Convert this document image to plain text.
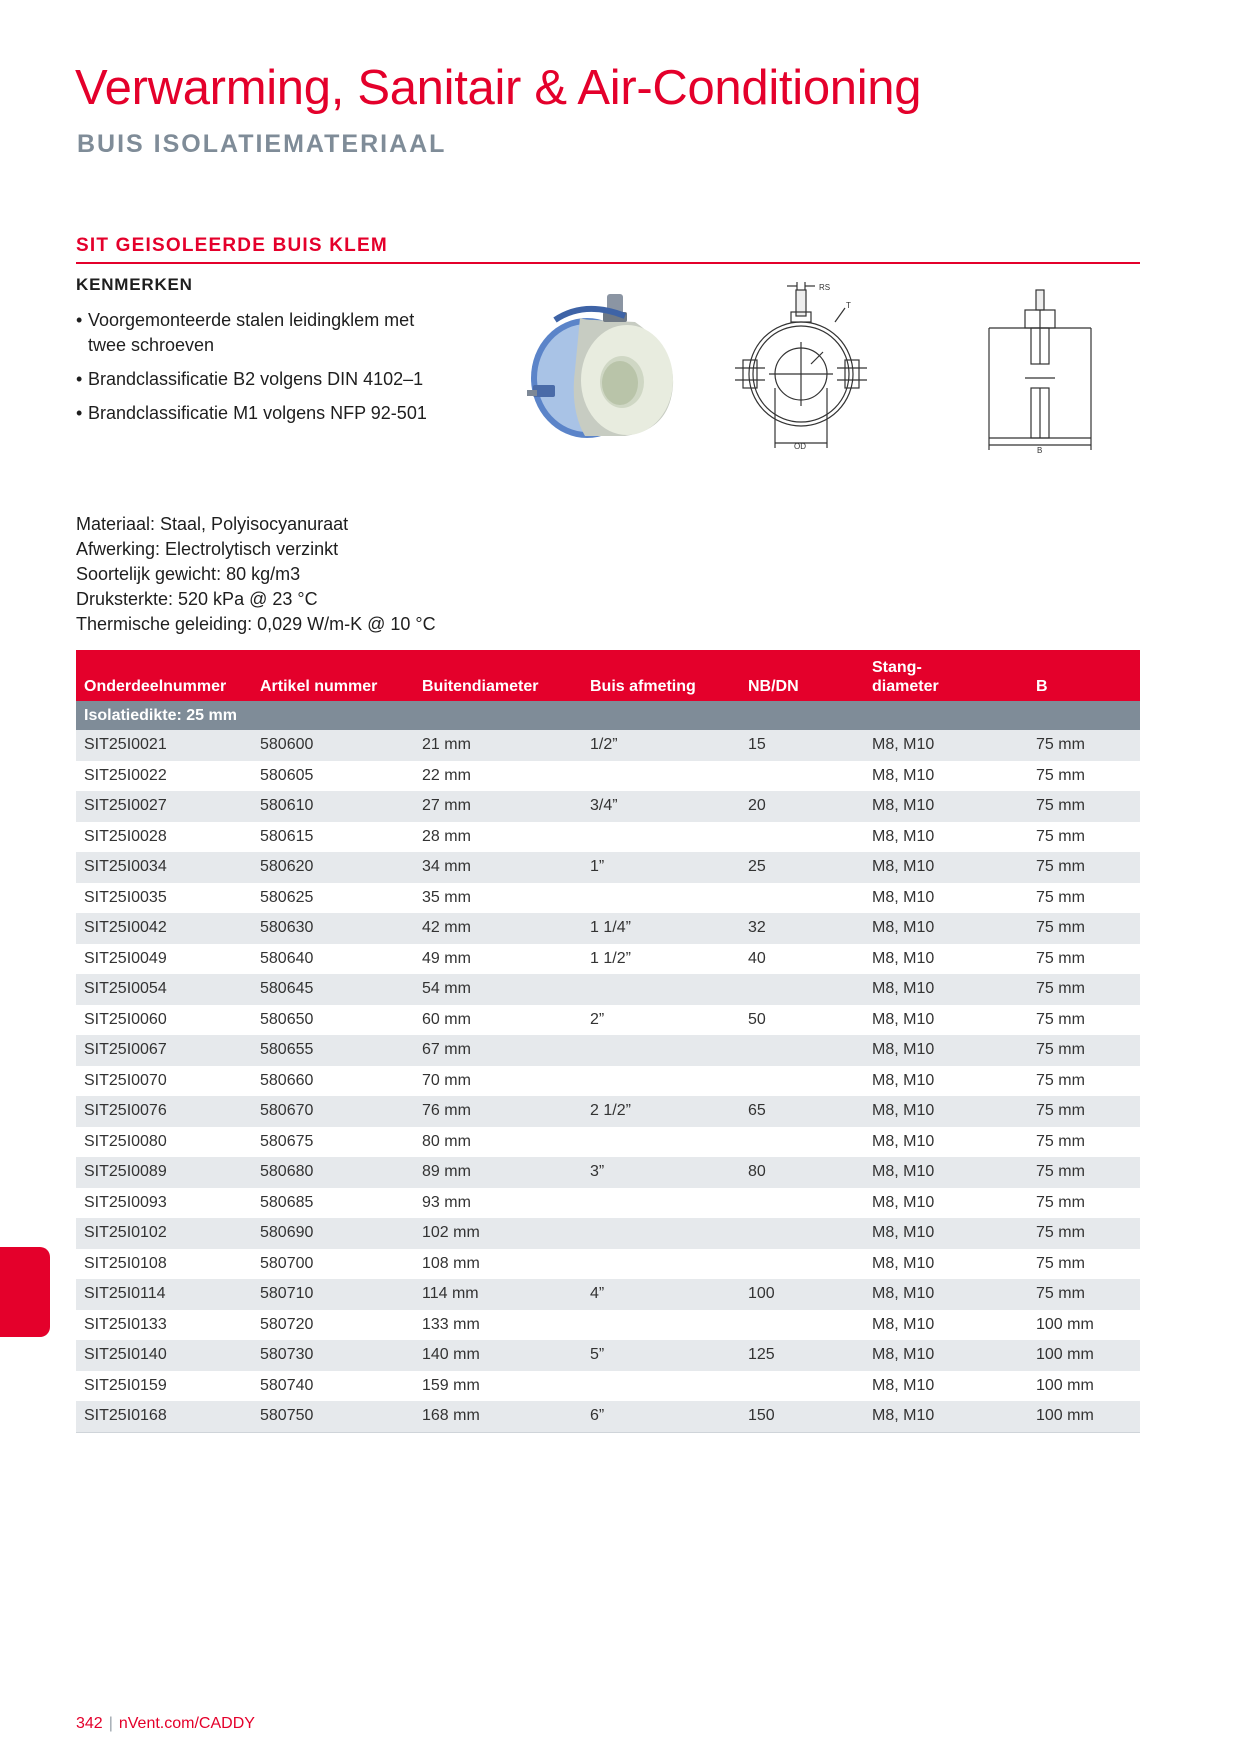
Verwarming, Sanitair & Air-Conditioning
BUIS ISOLATIEMATERIAAL
SIT GEISOLEERDE BUIS KLEM
KENMERKEN
• Voorgemonteerde stalen leidingklem met twee schroeven
• Brandclassificatie B2 volgens DIN 4102–1
• Brandclassificatie M1 volgens NFP 92-501
RS
T
OD	B

Materiaal: Staal, Polyisocyanuraat

Afwerking: Electrolytisch verzinkt

Soortelijk gewicht: 80 kg/m3

Druksterkte: 520 kPa @ 23 °C

Thermische geleiding: 0,029 W/m-K @ 10 °C

Onderdeelnummer	Artikel nummer	Buitendiameter	Buis afmeting	NB/DN	Stang-
diameter	B
Isolatiedikte: 25 mm						
SIT25I0021	580600	21 mm	1/2”	15	M8, M10	75 mm
SIT25I0022	580605	22 mm			M8, M10	75 mm
SIT25I0027	580610	27 mm	3/4”	20	M8, M10	75 mm
SIT25I0028	580615	28 mm			M8, M10	75 mm
SIT25I0034	580620	34 mm	1”	25	M8, M10	75 mm
SIT25I0035	580625	35 mm			M8, M10	75 mm
SIT25I0042	580630	42 mm	1 1/4”	32	M8, M10	75 mm
SIT25I0049	580640	49 mm	1 1/2”	40	M8, M10	75 mm
SIT25I0054	580645	54 mm			M8, M10	75 mm
SIT25I0060	580650	60 mm	2”	50	M8, M10	75 mm
SIT25I0067	580655	67 mm			M8, M10	75 mm
SIT25I0070	580660	70 mm			M8, M10	75 mm
SIT25I0076	580670	76 mm	2 1/2”	65	M8, M10	75 mm
SIT25I0080	580675	80 mm			M8, M10	75 mm
SIT25I0089	580680	89 mm	3”	80	M8, M10	75 mm
SIT25I0093	580685	93 mm			M8, M10	75 mm
SIT25I0102	580690	102 mm			M8, M10	75 mm
SIT25I0108	580700	108 mm			M8, M10	75 mm
SIT25I0114	580710	114 mm	4”	100	M8, M10	75 mm
SIT25I0133	580720	133 mm			M8, M10	100 mm
SIT25I0140	580730	140 mm	5”	125	M8, M10	100 mm
SIT25I0159	580740	159 mm			M8, M10	100 mm
SIT25I0168	580750	168 mm	6”	150	M8, M10	100 mm
342 | nVent.com/CADDY
